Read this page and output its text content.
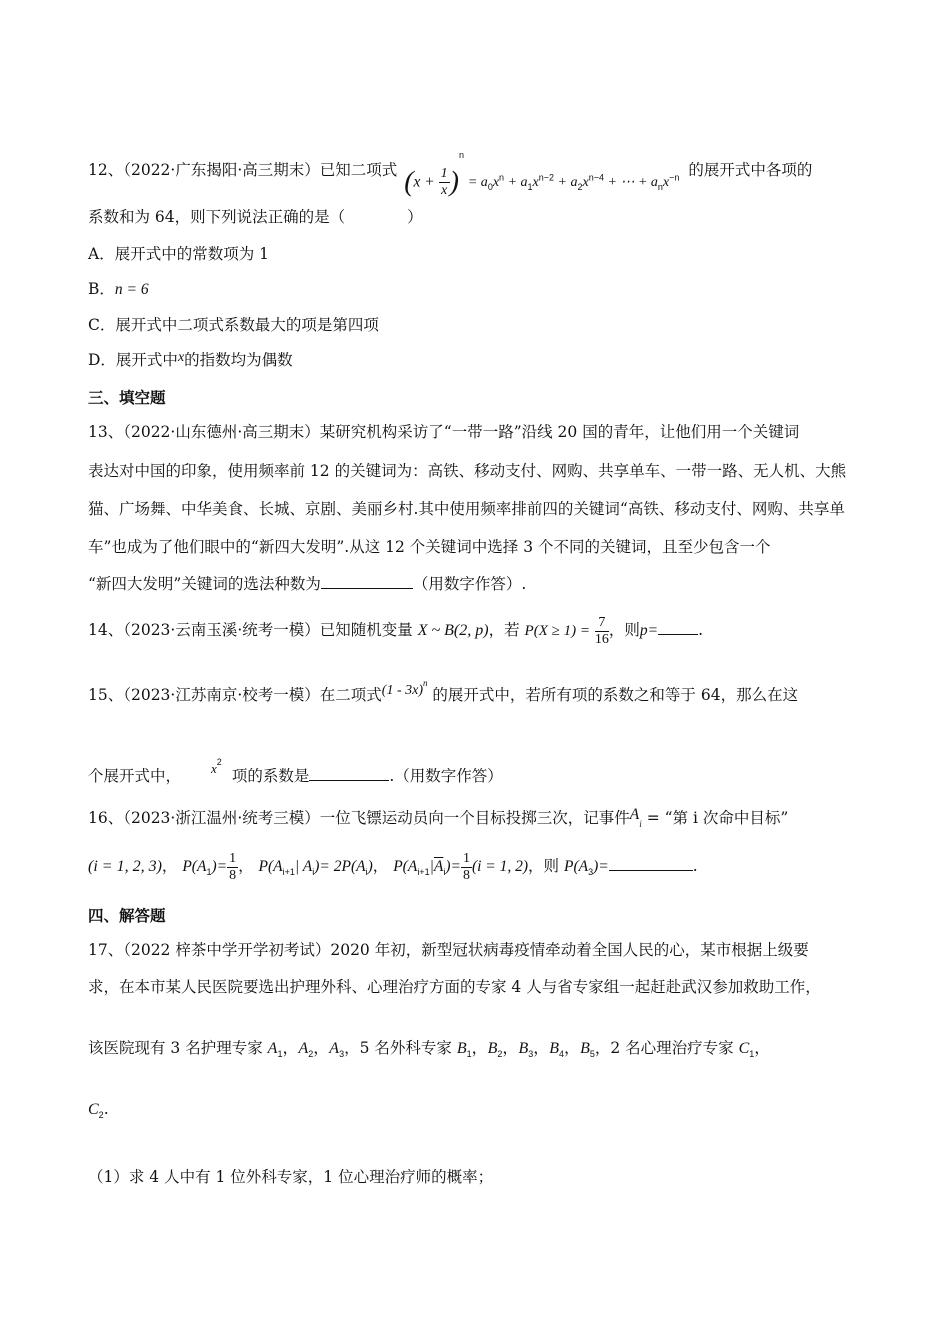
12、（2022·广东揭阳·高三期末）已知二项式 $(x + \frac{1}{x} )^n = a_0x^n + a_1x^{n-2} + a_2x^{n-4}$ + ⋯ + $a_nx^{-n}$ 的展开式中各项的
系数和为 64，则下列说法正确的是（　　　　）
A．展开式中的常数项为 1
B．n = 6
C．展开式中二项式系数最大的项是第四项
D．展开式中x的指数均为偶数
三、填空题
13、（2022·山东德州·高三期末）某研究机构采访了“一带一路”沿线 20 国的青年，让他们用一个关键词
表达对中国的印象，使用频率前 12 的关键词为：高铁、移动支付、网购、共享单车、一带一路、无人机、大熊
猫、广场舞、中华美食、长城、京剧、美丽乡村.其中使用频率排前四的关键词“高铁、移动支付、网购、共享单
车”也成为了他们眼中的“新四大发明”.从这 12 个关键词中选择 3 个不同的关键词，且至少包含一个
“新四大发明”关键词的选法种数为	（用数字作答）.
14、（2023·云南玉溪·统考一模）已知随机变量 X ~ B(2, p)，若 $P(X \ge 1) = \frac{7}{16}$ ，则p=	.
15、（2023·江苏南京·校考一模）在二项式(1 - 3x)$^n$ 的展开式中，若所有项的系数之和等于 64，那么在这
个展开式中， $^{x2}$项的系数是	.（用数字作答）
16、（2023·浙江温州·统考三模）一位飞镖运动员向一个目标投掷三次，记事件$A_i$ = “第 i 次命中目标”
(i = 1, 2, 3)， $P(A_1)= \frac{1}{8}$ ， $P(A_{i+1}|$ $A_i)= 2P(A_i)$， $P(A_{i+1}|\overline{A}_i)= \frac{1}{8} (i = 1$, 2)，则 $P(A_3)=$	.
四、解答题
17、（2022 梓茶中学开学初考试）2020 年初，新型冠状病毒疫情牵动着全国人民的心，某市根据上级要
求，在本市某人民医院要选出护理外科、心理治疗方面的专家 4 人与省专家组一起赶赴武汉参加救助工作，
该医院现有 3 名护理专家 $A_1$，$A_2$，$A_3$，5 名外科专家 $B_1$，$B_2$，$B_3$，$B_4$，$B_5$，2 名心理治疗专家 $C_1$，
$C_2$.
（1）求 4 人中有 1 位外科专家，1 位心理治疗师的概率；
